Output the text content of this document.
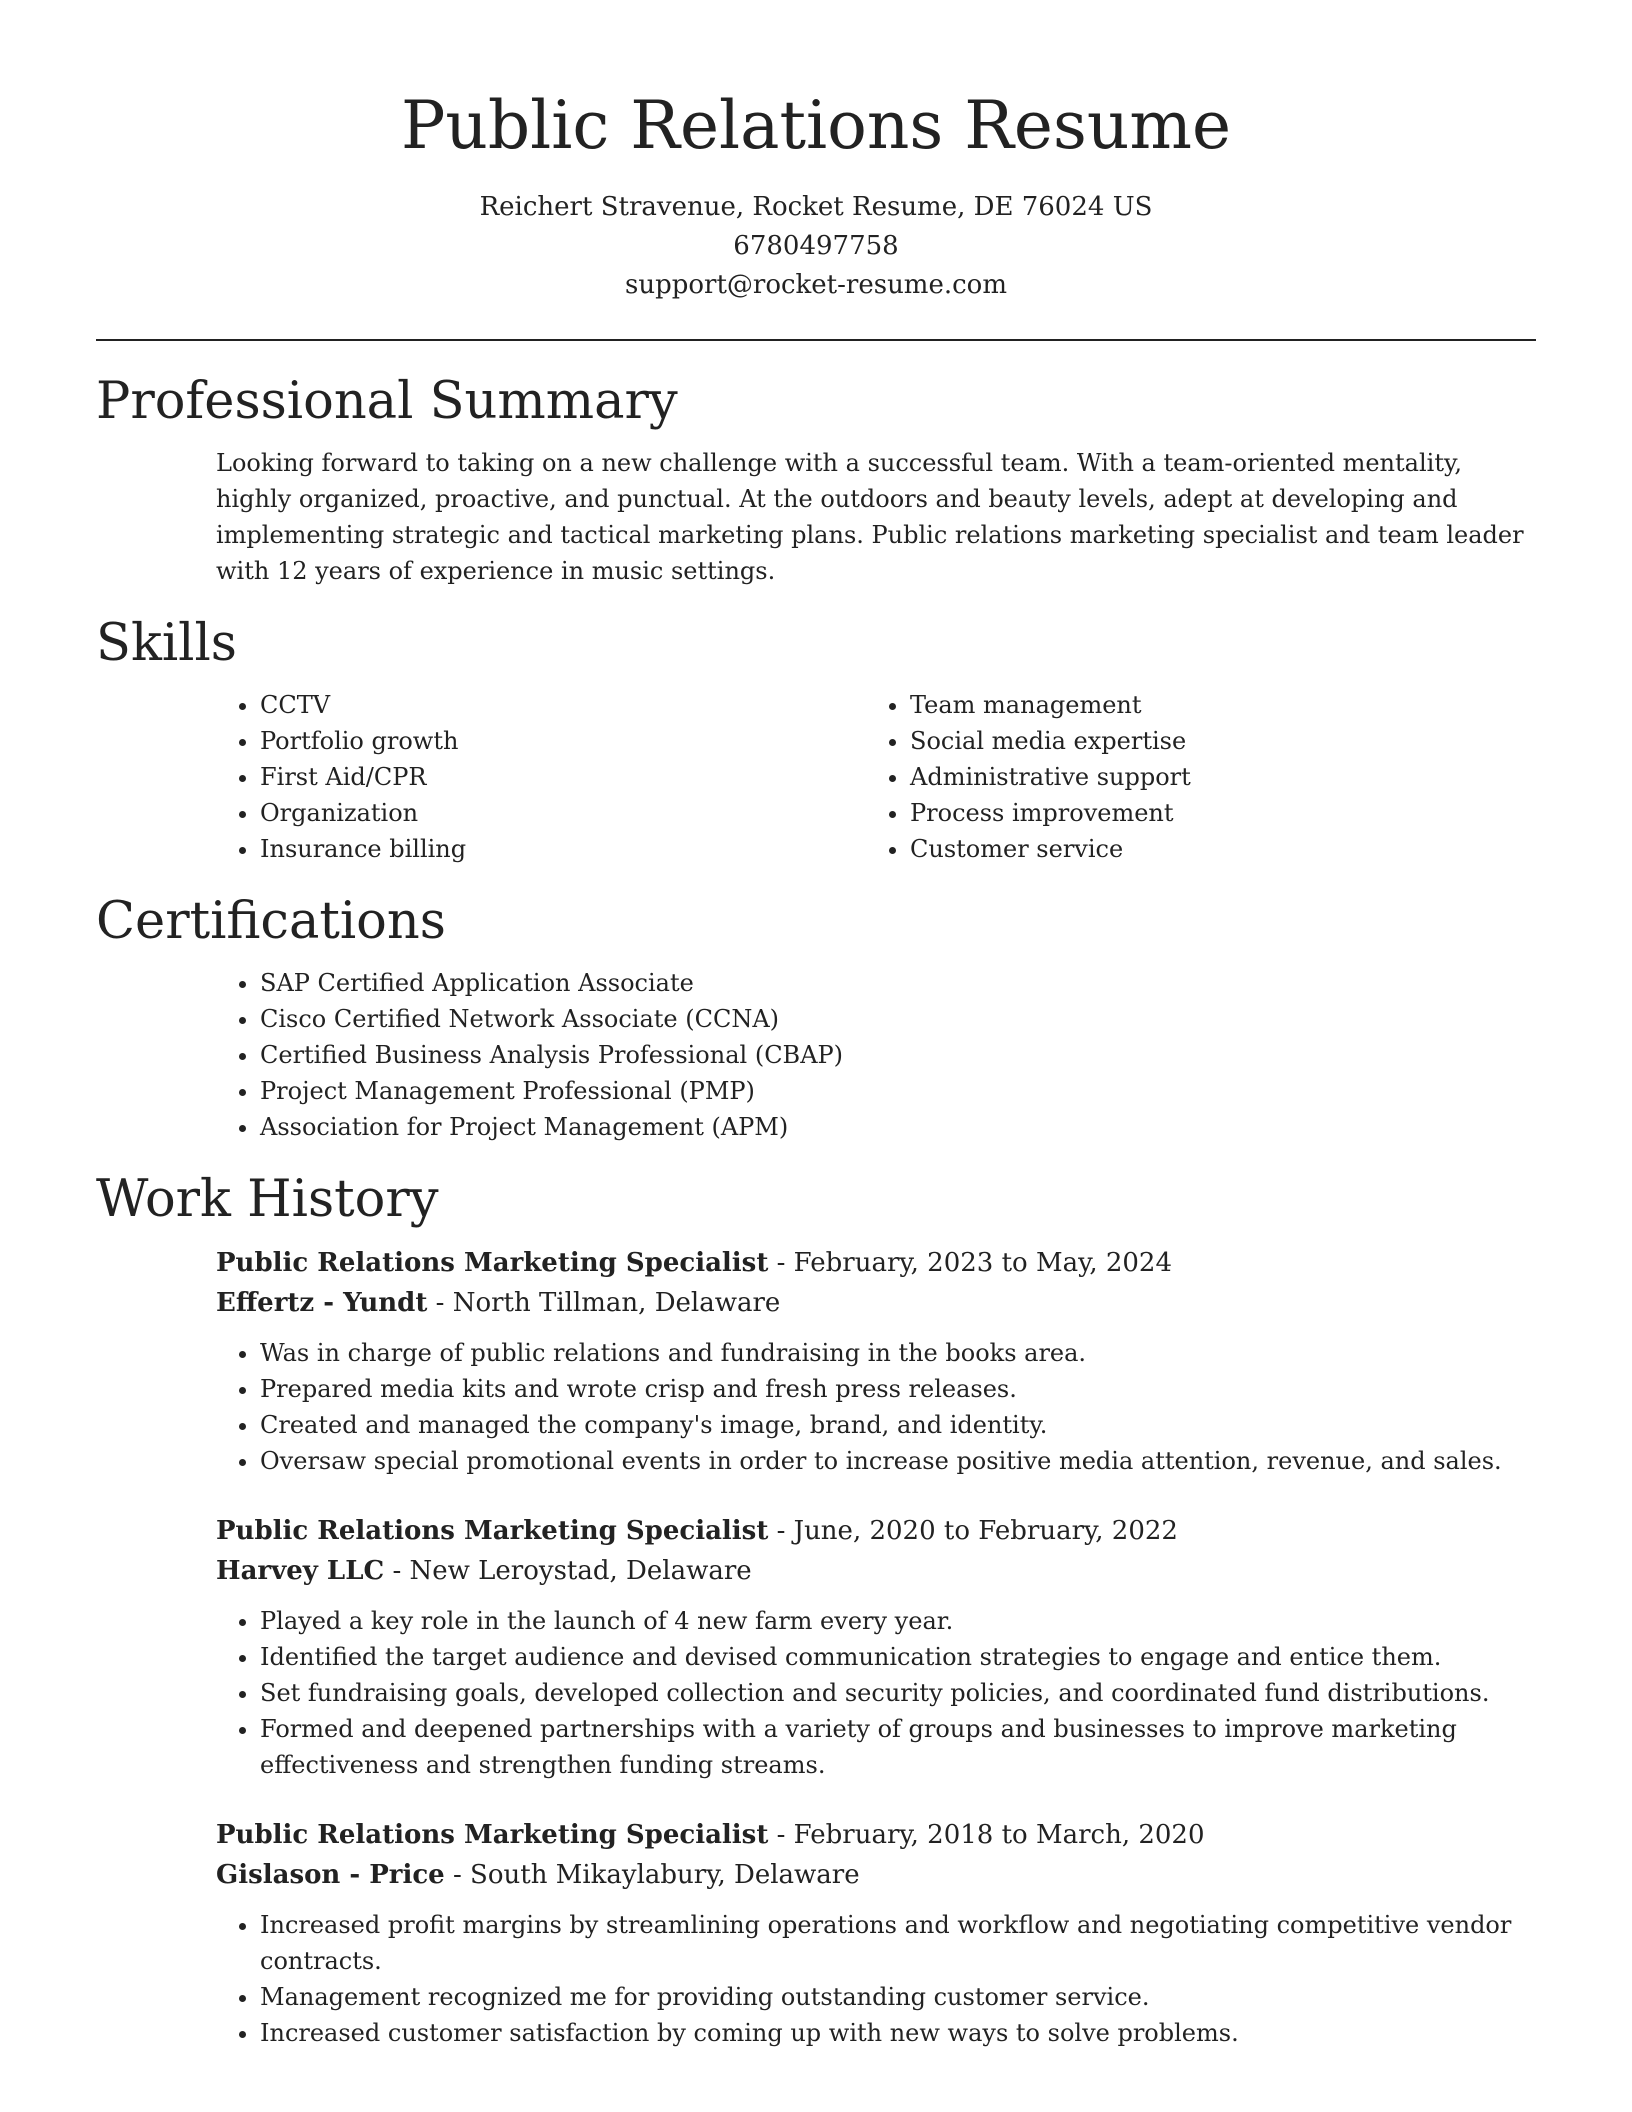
Public Relations Resume
Reichert Stravenue, Rocket Resume, DE 76024 US
6780497758
support@rocket-resume.com
Professional Summary

Looking forward to taking on a new challenge with a successful team. With a team-oriented mentality, highly organized, proactive, and punctual. At the outdoors and beauty levels, adept at developing and implementing strategic and tactical marketing plans. Public relations marketing specialist and team leader with 12 years of experience in music settings.

Skills
• CCTV
• Portfolio growth
• First Aid/CPR
• Organization
• Insurance billing
• Team management
• Social media expertise
• Administrative support
• Process improvement
• Customer service
Certifications
• SAP Certified Application Associate
• Cisco Certified Network Associate (CCNA)
• Certified Business Analysis Professional (CBAP)
• Project Management Professional (PMP)
• Association for Project Management (APM)
Work History

Public Relations Marketing Specialist - February, 2023 to May, 2024

Effertz - Yundt - North Tillman, Delaware

• Was in charge of public relations and fundraising in the books area.
• Prepared media kits and wrote crisp and fresh press releases.
• Created and managed the company's image, brand, and identity.
• Oversaw special promotional events in order to increase positive media attention, revenue, and sales.

Public Relations Marketing Specialist - June, 2020 to February, 2022

Harvey LLC - New Leroystad, Delaware

• Played a key role in the launch of 4 new farm every year.
• Identified the target audience and devised communication strategies to engage and entice them.
• Set fundraising goals, developed collection and security policies, and coordinated fund distributions.
• Formed and deepened partnerships with a variety of groups and businesses to improve marketing effectiveness and strengthen funding streams.

Public Relations Marketing Specialist - February, 2018 to March, 2020

Gislason - Price - South Mikaylabury, Delaware

• Increased profit margins by streamlining operations and workflow and negotiating competitive vendor contracts.
• Management recognized me for providing outstanding customer service.
• Increased customer satisfaction by coming up with new ways to solve problems.
